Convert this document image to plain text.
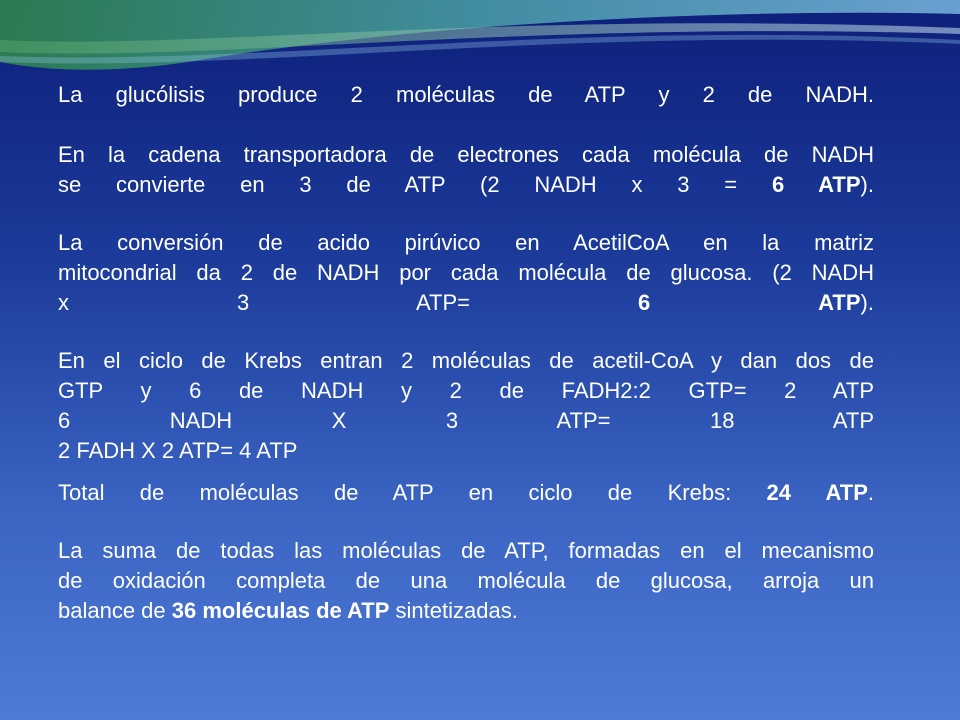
La glucólisis produce 2 moléculas de ATP y 2 de NADH.

En la cadena transportadora de electrones cada molécula de NADH
se convierte en 3 de ATP (2 NADH x 3 = 6 ATP).

La conversión de acido pirúvico en AcetilCoA en la matriz
mitocondrial da 2 de NADH por cada molécula de glucosa. (2 NADH
x 3 ATP= 6	ATP).

En el ciclo de Krebs entran 2 moléculas de acetil-CoA y dan dos de
GTP y 6 de NADH y 2 de FADH2:2 GTP= 2 ATP
6 NADH X 3 ATP= 18 ATP
2 FADH X 2 ATP= 4 ATP

Total de moléculas de ATP en ciclo de Krebs: 24 ATP.

La suma de todas las moléculas de ATP, formadas en el mecanismo
de oxidación completa de una molécula de glucosa, arroja un
balance de 36 moléculas de ATP sintetizadas.
